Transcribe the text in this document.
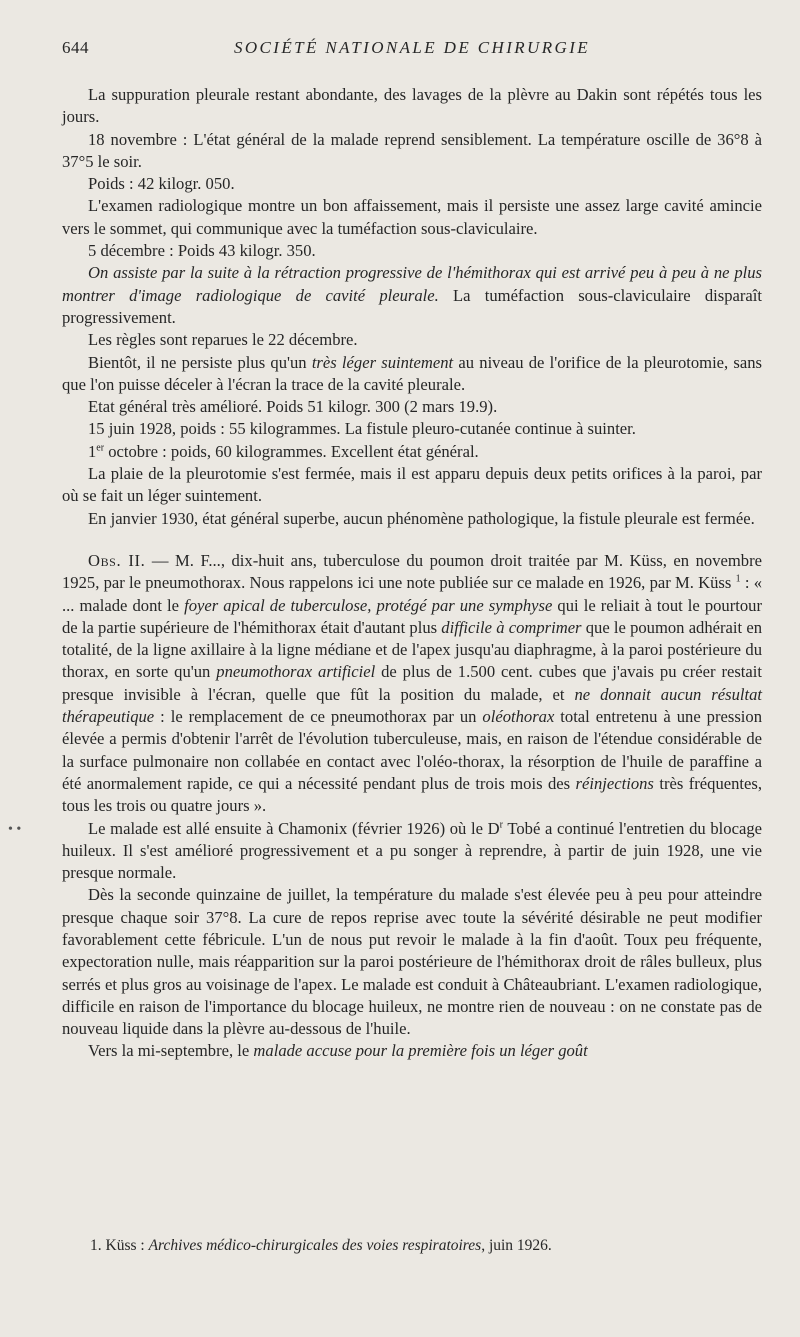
644	SOCIÉTÉ NATIONALE DE CHIRURGIE
• •

La suppuration pleurale restant abondante, des lavages de la plèvre au Dakin sont répétés tous les jours.

18 novembre : L'état général de la malade reprend sensiblement. La température oscille de 36°8 à 37°5 le soir.

Poids : 42 kilogr. 050.

L'examen radiologique montre un bon affaissement, mais il persiste une assez large cavité amincie vers le sommet, qui communique avec la tuméfaction sous-claviculaire.

5 décembre : Poids 43 kilogr. 350.

On assiste par la suite à la rétraction progressive de l'hémithorax qui est arrivé peu à peu à ne plus montrer d'image radiologique de cavité pleurale. La tuméfaction sous-claviculaire disparaît progressivement.

Les règles sont reparues le 22 décembre.

Bientôt, il ne persiste plus qu'un très léger suintement au niveau de l'orifice de la pleurotomie, sans que l'on puisse déceler à l'écran la trace de la cavité pleurale.

Etat général très amélioré. Poids 51 kilogr. 300 (2 mars 19.9).

15 juin 1928, poids : 55 kilogrammes. La fistule pleuro-cutanée continue à suinter.

1er octobre : poids, 60 kilogrammes. Excellent état général.

La plaie de la pleurotomie s'est fermée, mais il est apparu depuis deux petits orifices à la paroi, par où se fait un léger suintement.

En janvier 1930, état général superbe, aucun phénomène pathologique, la fistule pleurale est fermée.

Obs. II. — M. F..., dix-huit ans, tuberculose du poumon droit traitée par M. Küss, en novembre 1925, par le pneumothorax. Nous rappelons ici une note publiée sur ce malade en 1926, par M. Küss $^1$ : « ... malade dont le foyer apical de tuberculose, protégé par une symphyse qui le reliait à tout le pourtour de la partie supérieure de l'hémithorax était d'autant plus difficile à comprimer que le poumon adhérait en totalité, de la ligne axillaire à la ligne médiane et de l'apex jusqu'au diaphragme, à la paroi postérieure du thorax, en sorte qu'un pneumothorax artificiel de plus de 1.500 cent. cubes que j'avais pu créer restait presque invisible à l'écran, quelle que fût la position du malade, et ne donnait aucun résultat thérapeutique : le remplacement de ce pneumothorax par un oléothorax total entretenu à une pression élevée a permis d'obtenir l'arrêt de l'évolution tuberculeuse, mais, en raison de l'étendue considérable de la surface pulmonaire non collabée en contact avec l'oléo-thorax, la résorption de l'huile de paraffine a été anormalement rapide, ce qui a nécessité pendant plus de trois mois des réinjections très fréquentes, tous les trois ou quatre jours ».

Le malade est allé ensuite à Chamonix (février 1926) où le $D^r$ Tobé a continué l'entretien du blocage huileux. Il s'est amélioré progressivement et a pu songer à reprendre, à partir de juin 1928, une vie presque normale.

Dès la seconde quinzaine de juillet, la température du malade s'est élevée peu à peu pour atteindre presque chaque soir 37°8. La cure de repos reprise avec toute la sévérité désirable ne peut modifier favorablement cette fébricule. L'un de nous put revoir le malade à la fin d'août. Toux peu fréquente, expectoration nulle, mais réapparition sur la paroi postérieure de l'hémithorax droit de râles bulleux, plus serrés et plus gros au voisinage de l'apex. Le malade est conduit à Châteaubriant. L'examen radiologique, difficile en raison de l'importance du blocage huileux, ne montre rien de nouveau : on ne constate pas de nouveau liquide dans la plèvre au-dessous de l'huile.

Vers la mi-septembre, le malade accuse pour la première fois un léger goût

1. Küss : Archives médico-chirurgicales des voies respiratoires, juin 1926.
